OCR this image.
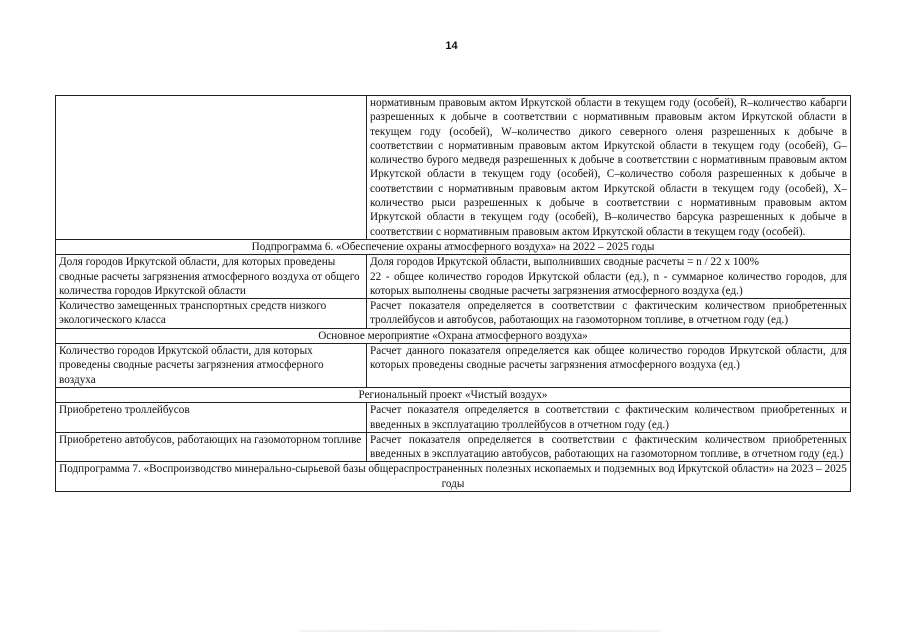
14
	нормативным правовым актом Иркутской области в текущем году (особей), R–количество кабарги разрешенных к добыче в соответствии с нормативным правовым актом Иркутской области в текущем году (особей), W–количество дикого северного оленя разрешенных к добыче в соответствии с нормативным правовым актом Иркутской области в текущем году (особей), G–количество бурого медведя разрешенных к добыче в соответствии с нормативным правовым актом Иркутской области в текущем году (особей), C–количество соболя разрешенных к добыче в соответствии с нормативным правовым актом Иркутской области в текущем году (особей), X–количество рыси разрешенных к добыче в соответствии с нормативным правовым актом Иркутской области в текущем году (особей), B–количество барсука разрешенных к добыче в соответствии с нормативным правовым актом Иркутской области в текущем году (особей).
Подпрограмма 6. «Обеспечение охраны атмосферного воздуха» на 2022 – 2025 годы	
Доля городов Иркутской области, для которых проведены сводные расчеты загрязнения атмосферного воздуха от общего количества городов Иркутской области	Доля городов Иркутской области, выполнивших сводные расчеты = n / 22 x 100%
22 - общее количество городов Иркутской области (ед.), n - суммарное количество городов, для которых выполнены сводные расчеты загрязнения атмосферного воздуха (ед.)

Количество замещенных транспортных средств низкого экологического класса	Расчет показателя определяется в соответствии с фактическим количеством приобретенных троллейбусов и автобусов, работающих на газомоторном топливе, в отчетном году (ед.)
Основное мероприятие «Охрана атмосферного воздуха»	
Количество городов Иркутской области, для которых проведены сводные расчеты загрязнения атмосферного воздуха	Расчет данного показателя определяется как общее количество городов Иркутской области, для которых проведены сводные расчеты загрязнения атмосферного воздуха (ед.)
Региональный проект «Чистый воздух»	
Приобретено троллейбусов	Расчет показателя определяется в соответствии с фактическим количеством приобретенных и введенных в эксплуатацию троллейбусов в отчетном году (ед.)
Приобретено автобусов, работающих на газомоторном топливе	Расчет показателя определяется в соответствии с фактическим количеством приобретенных введенных в эксплуатацию автобусов, работающих на газомоторном топливе, в отчетном году (ед.)
Подпрограмма 7. «Воспроизводство минерально-сырьевой базы общераспространенных полезных ископаемых и подземных вод Иркутской области» на 2023 – 2025 годы	
